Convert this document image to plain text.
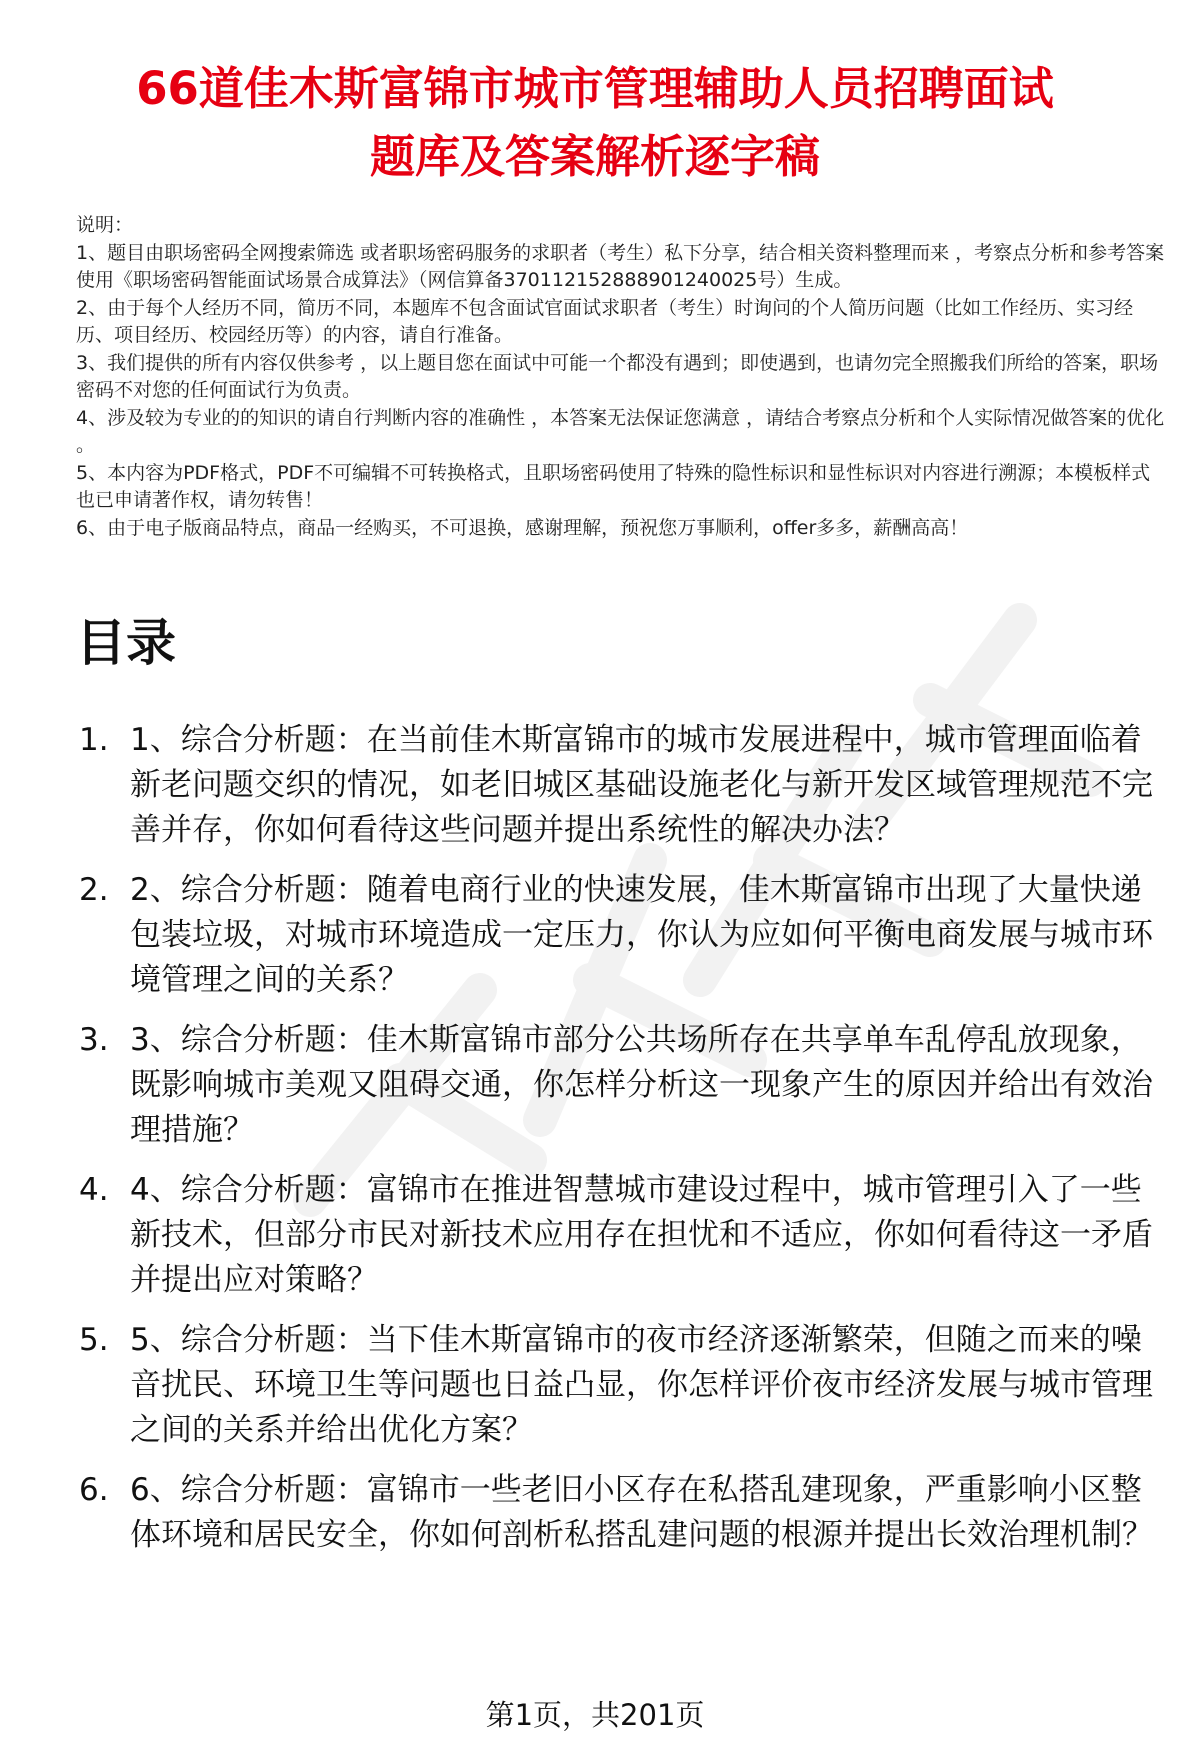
66道佳木斯富锦市城市管理辅助人员招聘面试
题库及答案解析逐字稿

说明：

1、题目由职场密码全网搜索筛选 或者职场密码服务的求职者（考生）私下分享，结合相关资料整理而来 ，考察点分析和参考答案使用《职场密码智能面试场景合成算法》（网信算备370112152888901240025号）生成。

2、由于每个人经历不同，简历不同，本题库不包含面试官面试求职者（考生）时询问的个人简历问题（比如工作经历、实习经历、项目经历、校园经历等）的内容，请自行准备。

3、我们提供的所有内容仅供参考 ，以上题目您在面试中可能一个都没有遇到；即使遇到，也请勿完全照搬我们所给的答案，职场密码不对您的任何面试行为负责。

4、涉及较为专业的的知识的请自行判断内容的准确性 ，本答案无法保证您满意 ，请结合考察点分析和个人实际情况做答案的优化 。

5、本内容为PDF格式，PDF不可编辑不可转换格式，且职场密码使用了特殊的隐性标识和显性标识对内容进行溯源；本模板样式也已申请著作权，请勿转售！

6、由于电子版商品特点，商品一经购买，不可退换，感谢理解，预祝您万事顺利，offer多多，薪酬高高！

目录
1. 1、综合分析题：在当前佳木斯富锦市的城市发展进程中，城市管理面临着新老问题交织的情况，如老旧城区基础设施老化与新开发区域管理规范不完善并存，你如何看待这些问题并提出系统性的解决办法？
2. 2、综合分析题：随着电商行业的快速发展，佳木斯富锦市出现了大量快递包装垃圾，对城市环境造成一定压力，你认为应如何平衡电商发展与城市环境管理之间的关系？
3. 3、综合分析题：佳木斯富锦市部分公共场所存在共享单车乱停乱放现象，既影响城市美观又阻碍交通，你怎样分析这一现象产生的原因并给出有效治理措施？
4. 4、综合分析题：富锦市在推进智慧城市建设过程中，城市管理引入了一些新技术，但部分市民对新技术应用存在担忧和不适应，你如何看待这一矛盾并提出应对策略？
5. 5、综合分析题：当下佳木斯富锦市的夜市经济逐渐繁荣，但随之而来的噪音扰民、环境卫生等问题也日益凸显，你怎样评价夜市经济发展与城市管理之间的关系并给出优化方案？
6. 6、综合分析题：富锦市一些老旧小区存在私搭乱建现象，严重影响小区整体环境和居民安全，你如何剖析私搭乱建问题的根源并提出长效治理机制？
第1页，共201页
